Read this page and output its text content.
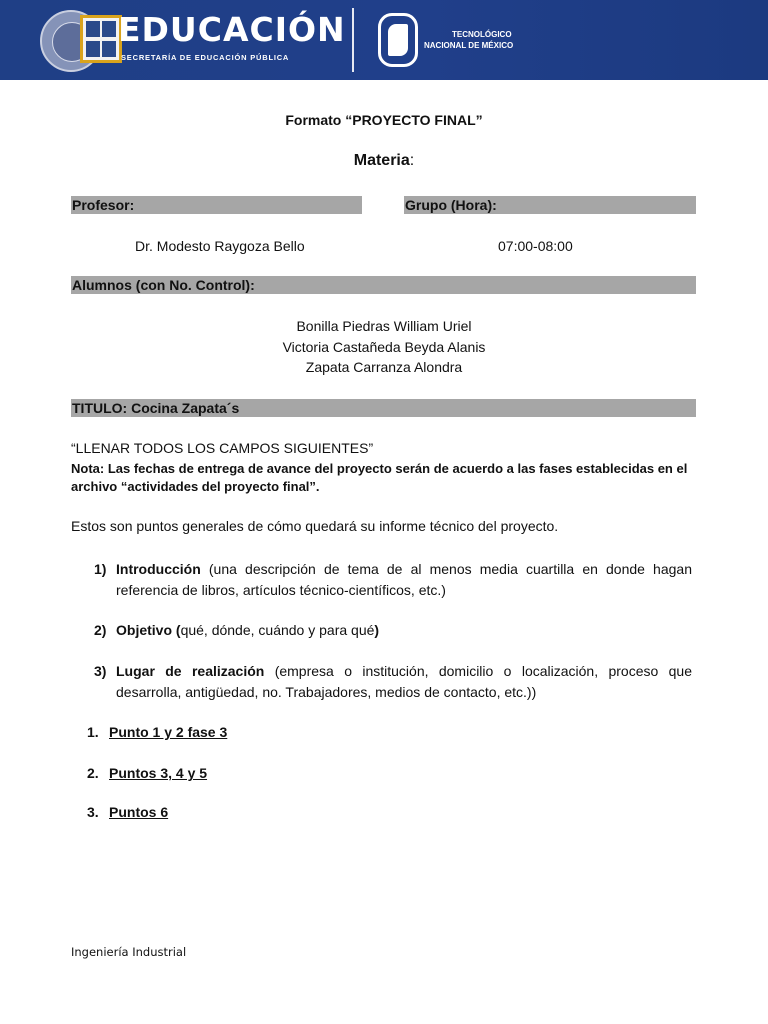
EDUCACIÓN
SECRETARÍA DE EDUCACIÓN PÚBLICA
TECNOLÓGICO
NACIONAL DE MÉXICO
Formato “PROYECTO FINAL”
Materia:
Profesor:	Grupo (Hora):
Dr. Modesto Raygoza Bello	07:00-08:00
Alumnos (con No. Control):
Bonilla Piedras William Uriel
Victoria Castañeda Beyda Alanis
Zapata Carranza Alondra
TITULO: Cocina Zapata´s
“LLENAR TODOS LOS CAMPOS SIGUIENTES”
Nota: Las fechas de entrega de avance del proyecto serán de acuerdo a las fases establecidas en el archivo “actividades del proyecto final”.
Estos son puntos generales de cómo quedará su informe técnico del proyecto.
1) Introducción (una descripción de tema de al menos media cuartilla en donde hagan referencia de libros, artículos técnico-científicos, etc.)
2) Objetivo (qué, dónde, cuándo y para qué)
3) Lugar de realización (empresa o institución, domicilio o localización, proceso que desarrolla, antigüedad, no. Trabajadores, medios de contacto, etc.))
1. Punto 1 y 2 fase 3
2. Puntos 3, 4 y 5
3. Puntos 6
Ingeniería Industrial
